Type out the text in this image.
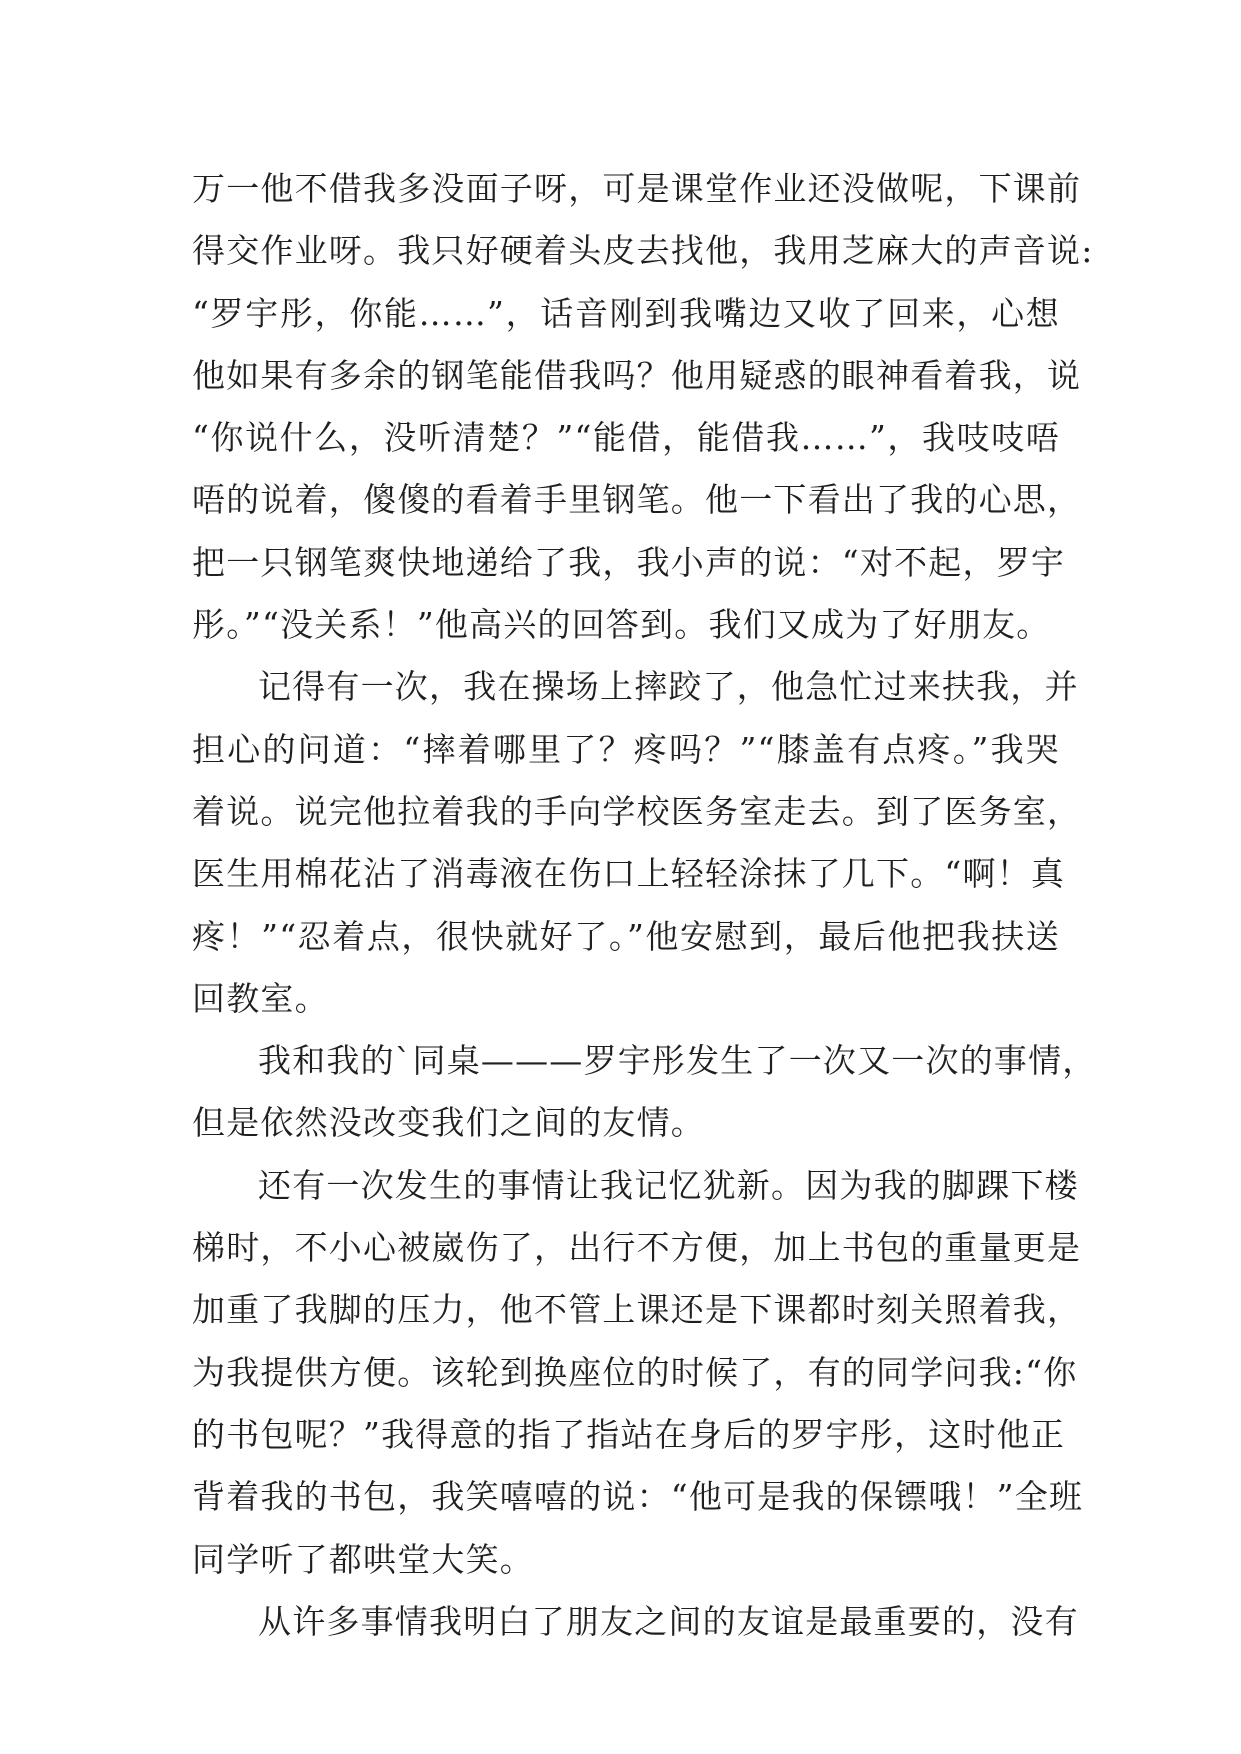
万一他不借我多没面子呀，可是课堂作业还没做呢，下课前
得交作业呀。我只好硬着头皮去找他，我用芝麻大的声音说:
“罗宇彤，你能……”，话音刚到我嘴边又收了回来，心想
他如果有多余的钢笔能借我吗？他用疑惑的眼神看着我，说
“你说什么，没听清楚？”“能借，能借我……”，我吱吱唔
唔的说着，傻傻的看着手里钢笔。他一下看出了我的心思，
把一只钢笔爽快地递给了我，我小声的说：“对不起，罗宇
彤。”“没关系！”他高兴的回答到。我们又成为了好朋友。
记得有一次，我在操场上摔跤了，他急忙过来扶我，并
担心的问道：“摔着哪里了？疼吗？”“膝盖有点疼。”我哭
着说。说完他拉着我的手向学校医务室走去。到了医务室，
医生用棉花沾了消毒液在伤口上轻轻涂抹了几下。“啊！真
疼！”“忍着点，很快就好了。”他安慰到，最后他把我扶送
回教室。
我和我的`同桌———罗宇彤发生了一次又一次的事情，
但是依然没改变我们之间的友情。
还有一次发生的事情让我记忆犹新。因为我的脚踝下楼
梯时，不小心被崴伤了，出行不方便，加上书包的重量更是
加重了我脚的压力，他不管上课还是下课都时刻关照着我，
为我提供方便。该轮到换座位的时候了，有的同学问我:“你
的书包呢？”我得意的指了指站在身后的罗宇彤，这时他正
背着我的书包，我笑嘻嘻的说：“他可是我的保镖哦！”全班
同学听了都哄堂大笑。
从许多事情我明白了朋友之间的友谊是最重要的，没有
